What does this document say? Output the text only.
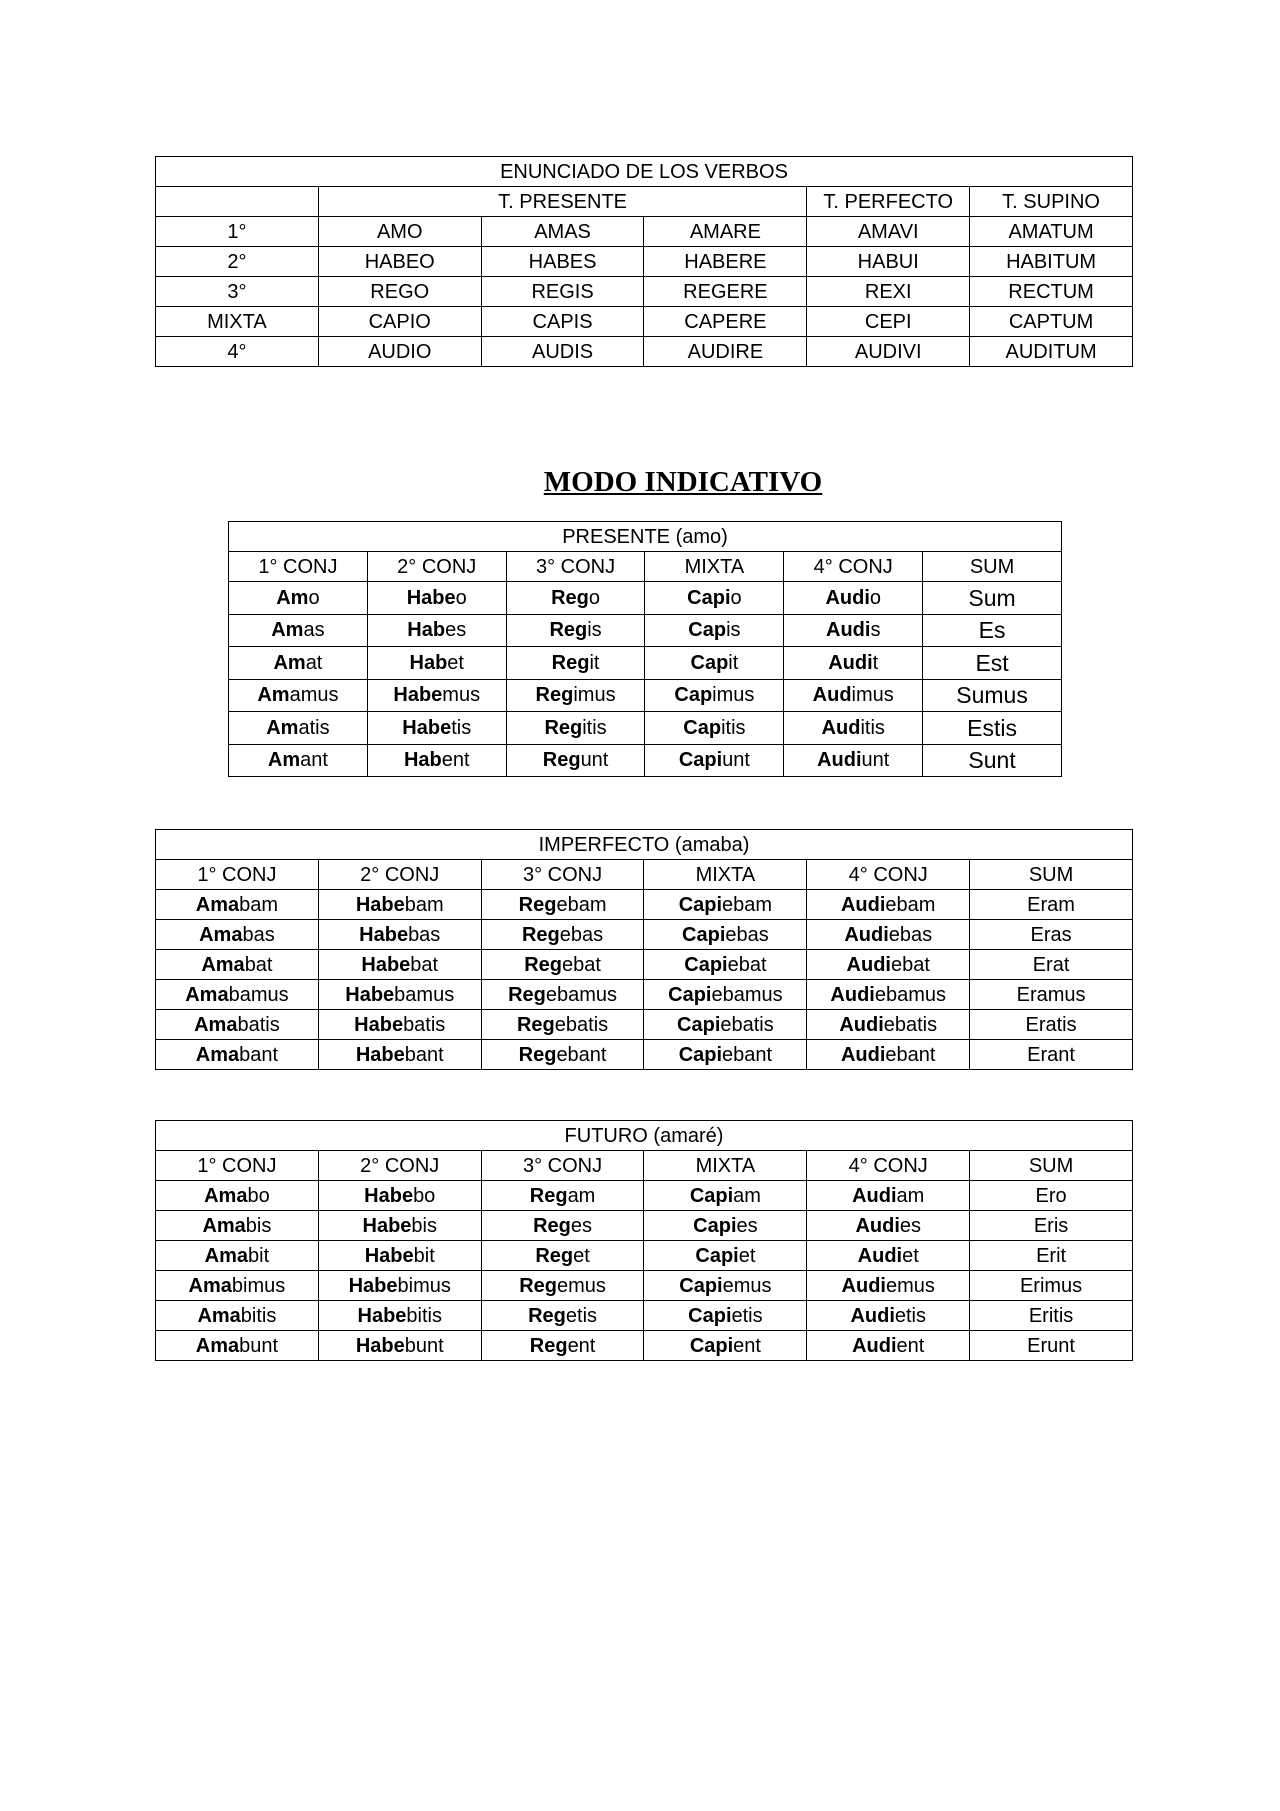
ENUNCIADO DE LOS VERBOS					
	T. PRESENTE			T. PERFECTO	T. SUPINO
1°	AMO	AMAS	AMARE	AMAVI	AMATUM
2°	HABEO	HABES	HABERE	HABUI	HABITUM
3°	REGO	REGIS	REGERE	REXI	RECTUM
MIXTA	CAPIO	CAPIS	CAPERE	CEPI	CAPTUM
4°	AUDIO	AUDIS	AUDIRE	AUDIVI	AUDITUM
MODO INDICATIVO
PRESENTE (amo)					
1° CONJ	2° CONJ	3° CONJ	MIXTA	4° CONJ	SUM
Amo	Habeo	Rego	Capio	Audio	Sum
Amas	Habes	Regis	Capis	Audis	Es
Amat	Habet	Regit	Capit	Audit	Est
Amamus	Habemus	Regimus	Capimus	Audimus	Sumus
Amatis	Habetis	Regitis	Capitis	Auditis	Estis
Amant	Habent	Regunt	Capiunt	Audiunt	Sunt
IMPERFECTO (amaba)					
1° CONJ	2° CONJ	3° CONJ	MIXTA	4° CONJ	SUM
Amabam	Habebam	Regebam	Capiebam	Audiebam	Eram
Amabas	Habebas	Regebas	Capiebas	Audiebas	Eras
Amabat	Habebat	Regebat	Capiebat	Audiebat	Erat
Amabamus	Habebamus	Regebamus	Capiebamus	Audiebamus	Eramus
Amabatis	Habebatis	Regebatis	Capiebatis	Audiebatis	Eratis
Amabant	Habebant	Regebant	Capiebant	Audiebant	Erant
FUTURO (amaré)					
1° CONJ	2° CONJ	3° CONJ	MIXTA	4° CONJ	SUM
Amabo	Habebo	Regam	Capiam	Audiam	Ero
Amabis	Habebis	Reges	Capies	Audies	Eris
Amabit	Habebit	Reget	Capiet	Audiet	Erit
Amabimus	Habebimus	Regemus	Capiemus	Audiemus	Erimus
Amabitis	Habebitis	Regetis	Capietis	Audietis	Eritis
Amabunt	Habebunt	Regent	Capient	Audient	Erunt
